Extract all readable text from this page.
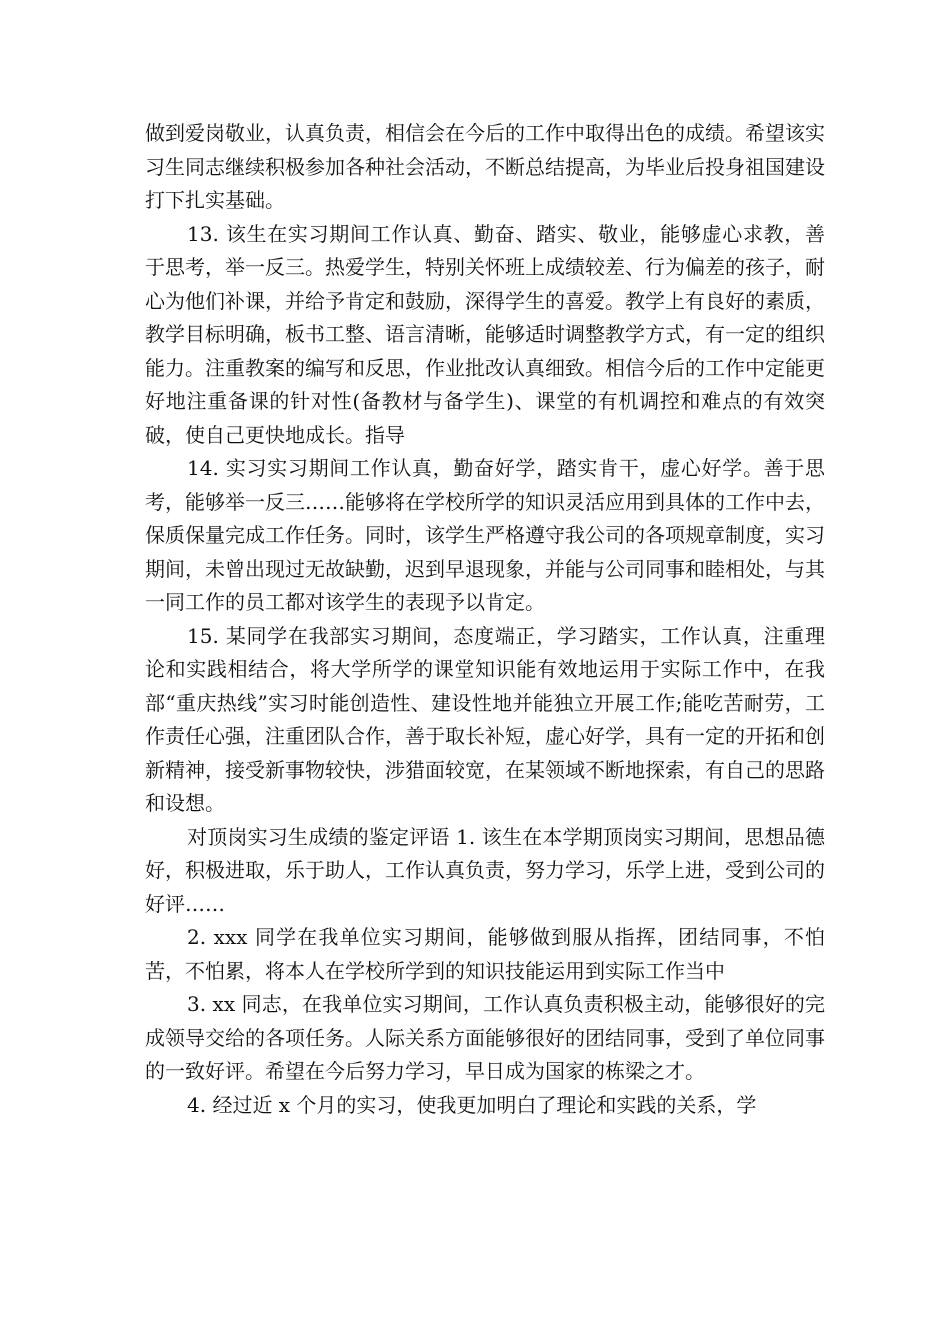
做到爱岗敬业，认真负责，相信会在今后的工作中取得出色的成绩。希望该实习生同志继续积极参加各种社会活动，不断总结提高，为毕业后投身祖国建设打下扎实基础。

13. 该生在实习期间工作认真、勤奋、踏实、敬业，能够虚心求教，善于思考，举一反三。热爱学生，特别关怀班上成绩较差、行为偏差的孩子，耐心为他们补课，并给予肯定和鼓励，深得学生的喜爱。教学上有良好的素质，教学目标明确，板书工整、语言清晰，能够适时调整教学方式，有一定的组织能力。注重教案的编写和反思，作业批改认真细致。相信今后的工作中定能更好地注重备课的针对性(备教材与备学生)、课堂的有机调控和难点的有效突破，使自己更快地成长。指导

14. 实习实习期间工作认真，勤奋好学，踏实肯干，虚心好学。善于思考，能够举一反三……能够将在学校所学的知识灵活应用到具体的工作中去，保质保量完成工作任务。同时，该学生严格遵守我公司的各项规章制度，实习期间，未曾出现过无故缺勤，迟到早退现象，并能与公司同事和睦相处，与其一同工作的员工都对该学生的表现予以肯定。

15. 某同学在我部实习期间，态度端正，学习踏实，工作认真，注重理论和实践相结合，将大学所学的课堂知识能有效地运用于实际工作中，在我部“重庆热线”实习时能创造性、建设性地并能独立开展工作;能吃苦耐劳，工作责任心强，注重团队合作，善于取长补短，虚心好学，具有一定的开拓和创新精神，接受新事物较快，涉猎面较宽，在某领域不断地探索，有自己的思路和设想。

对顶岗实习生成绩的鉴定评语 1. 该生在本学期顶岗实习期间，思想品德好，积极进取，乐于助人，工作认真负责，努力学习，乐学上进，受到公司的好评……

2. xxx 同学在我单位实习期间，能够做到服从指挥，团结同事，不怕苦，不怕累，将本人在学校所学到的知识技能运用到实际工作当中

3. xx 同志，在我单位实习期间，工作认真负责积极主动，能够很好的完成领导交给的各项任务。人际关系方面能够很好的团结同事，受到了单位同事的一致好评。希望在今后努力学习，早日成为国家的栋梁之才。

4. 经过近 x 个月的实习，使我更加明白了理论和实践的关系，学
